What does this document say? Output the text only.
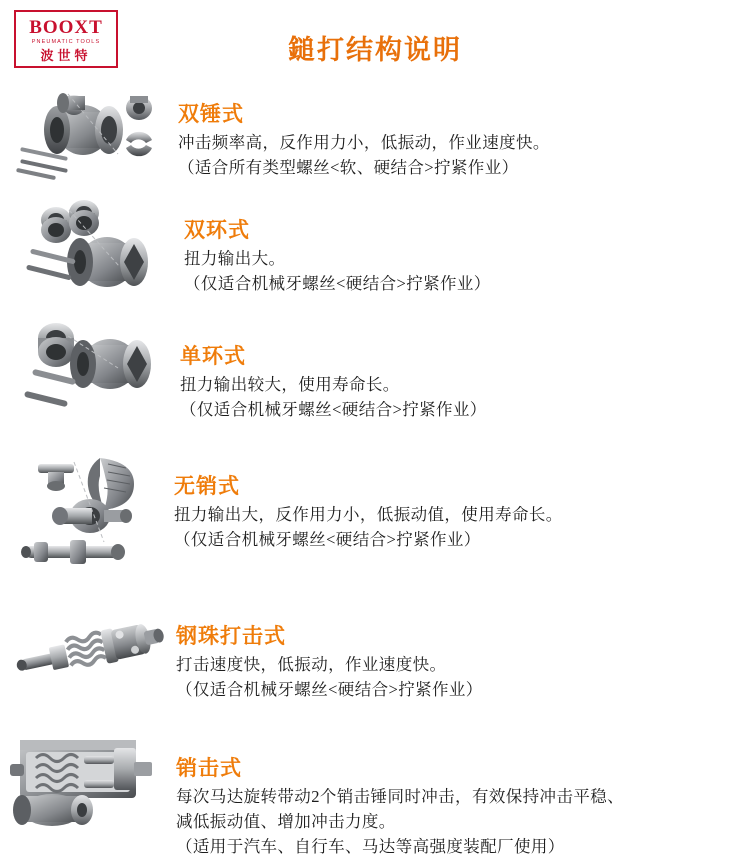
BOOXT
PNEUMATIC TOOLS
波世特	鎚打结构说明
双锤式
冲击频率高，反作用力小，低振动，作业速度快。
（适合所有类型螺丝<软、硬结合>拧紧作业）
双环式
扭力输出大。
（仅适合机械牙螺丝<硬结合>拧紧作业）
单环式
扭力输出较大，使用寿命长。
（仅适合机械牙螺丝<硬结合>拧紧作业）
无销式
扭力输出大，反作用力小，低振动值，使用寿命长。
（仅适合机械牙螺丝<硬结合>拧紧作业）
钢珠打击式
打击速度快，低振动，作业速度快。
（仅适合机械牙螺丝<硬结合>拧紧作业）
销击式
每次马达旋转带动2个销击锤同时冲击，有效保持冲击平稳、
减低振动值、增加冲击力度。
（适用于汽车、自行车、马达等高强度装配厂使用）
